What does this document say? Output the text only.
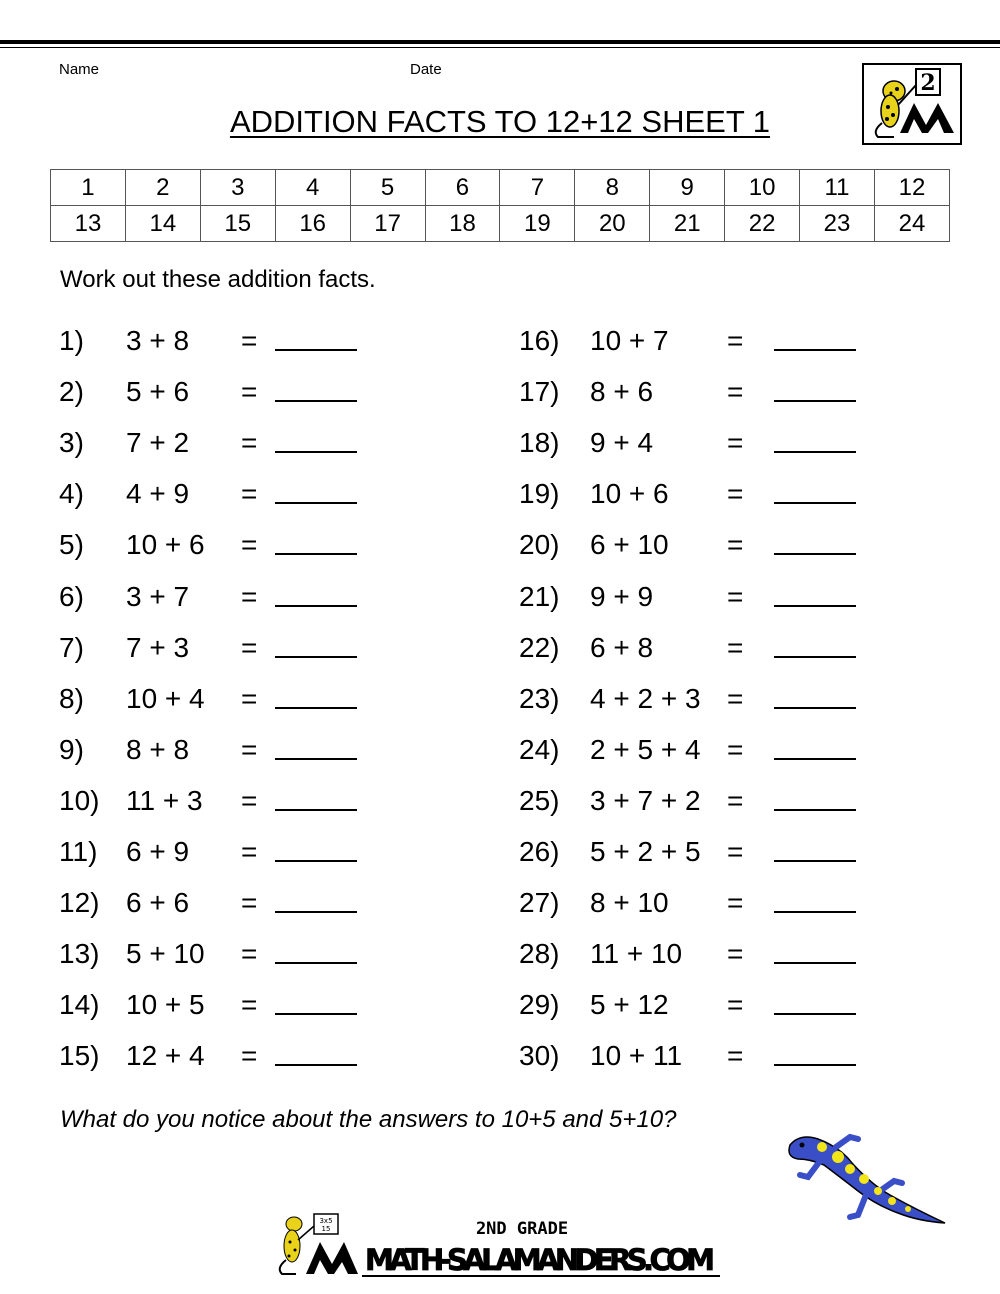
Name	Date
ADDITION FACTS TO 12+12 SHEET 1
2
1	2	3	4	5	6	7	8	9	10	11	12
13	14	15	16	17	18	19	20	21	22	23	24
Work out these addition facts.
1) 3 + 8 =
2) 5 + 6 =
3) 7 + 2 =
4) 4 + 9 =
5) 10 + 6 =
6) 3 + 7 =
7) 7 + 3 =
8) 10 + 4 =
9) 8 + 8 =
10) 11 + 3 =
11) 6 + 9 =
12) 6 + 6 =
13) 5 + 10 =
14) 10 + 5 =
15) 12 + 4 =
16) 10 + 7 =
17) 8 + 6	=
18) 9 + 4	=
19) 10 + 6 =
20) 6 + 10 =
21) 9 + 9	=
22) 6 + 8	=
23) 4 + 2 + 3 =
24) 2 + 5 + 4 =
25) 3 + 7 + 2 =
26) 5 + 2 + 5 =
27) 8 + 10 =
28) 11 + 10 =
29) 5 + 12 =
30) 10 + 11 =
What do you notice about the answers to 10+5 and 5+10?
3x5
15	2ND GRADE
MATH-SALAMANDERS.COM
